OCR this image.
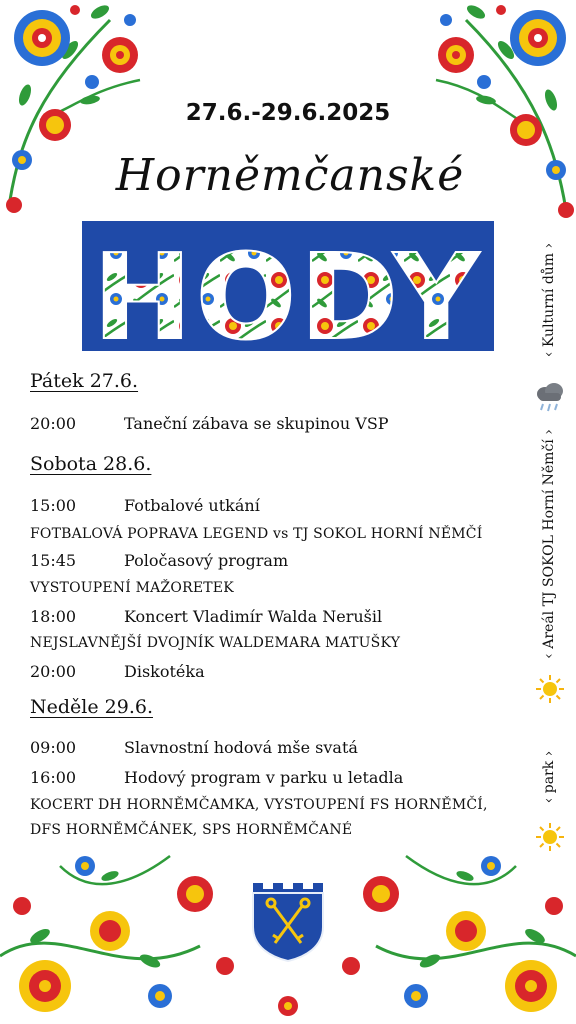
27.6.-29.6.2025
Horněmčanské
HODY
Pátek 27.6.
20:00	Taneční zábava se skupinou VSP
Sobota 28.6.
15:00	Fotbalové utkání
FOTBALOVÁ POPRAVA LEGEND vs TJ SOKOL HORNÍ NĚMČÍ
15:45	Poločasový program
VYSTOUPENÍ MAŽORETEK
18:00	Koncert Vladimír Walda Nerušil
NEJSLAVNĚJŠÍ DVOJNÍK WALDEMARA MATUŠKY
20:00	Diskotéka
Neděle 29.6.
09:00	Slavnostní hodová mše svatá
16:00	Hodový program v parku u letadla
KOCERT DH HORNĚMČAMKA, VYSTOUPENÍ FS HORNĚMČÍ,
DFS HORNĚMČÁNEK, SPS HORNĚMČANÉ
‹ Kulturní dům ›
‹ Areál TJ SOKOL Horní Němčí ›
‹ park ›
